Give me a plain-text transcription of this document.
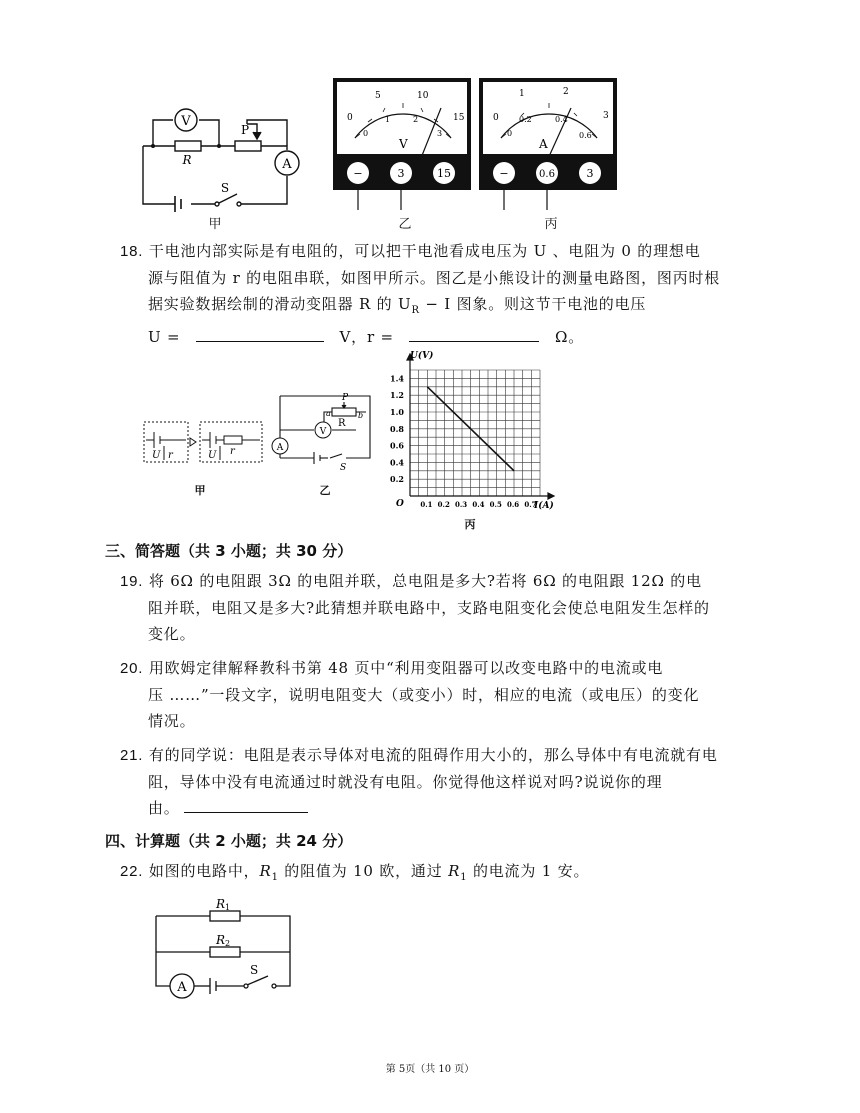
V
A
R
P
S
甲
0
5	10
15
0
1	2
3
V
−	3	15
乙
0
1	2
3
0
0.2	0.4
0.6
A
−	0.6	3
丙
18. 干电池内部实际是有电阻的，可以把干电池看成电压为 U 、电阻为 0 的理想电
源与阻值为 r 的电阻串联，如图甲所示。图乙是小熊设计的测量电路图，图丙时根
据实验数据绘制的滑动变阻器 R 的 $U_R - I$ 图象。则这节干电池的电压
U =	V，r =	Ω。
U r	U r
甲
V
A
P
R
a	b
S
乙
0.2
0.4
0.6
0.8
1.0
1.2
1.4
0.1 0.2 0.3 0.4 0.5 0.6 0.7
U(V)
I(A)
O
丙
三、简答题（共 3 小题；共 30 分）
19. 将 6Ω 的电阻跟 3Ω 的电阻并联，总电阻是多大?若将 6Ω 的电阻跟 12Ω 的电
阻并联，电阻又是多大?此猜想并联电路中，支路电阻变化会使总电阻发生怎样的
变化。
20. 用欧姆定律解释教科书第 48 页中“利用变阻器可以改变电路中的电流或电
压 ……”一段文字，说明电阻变大（或变小）时，相应的电流（或电压）的变化
情况。
21. 有的同学说：电阻是表示导体对电流的阻碍作用大小的，那么导体中有电流就有电
阻，导体中没有电流通过时就没有电阻。你觉得他这样说对吗?说说你的理
由。
四、计算题（共 2 小题；共 24 分）
22. 如图的电路中，$R_1$ 的阻值为 10 欧，通过 $R_1$ 的电流为 1 安。
A
R 1
R 2
S
第 5页（共 10 页）
